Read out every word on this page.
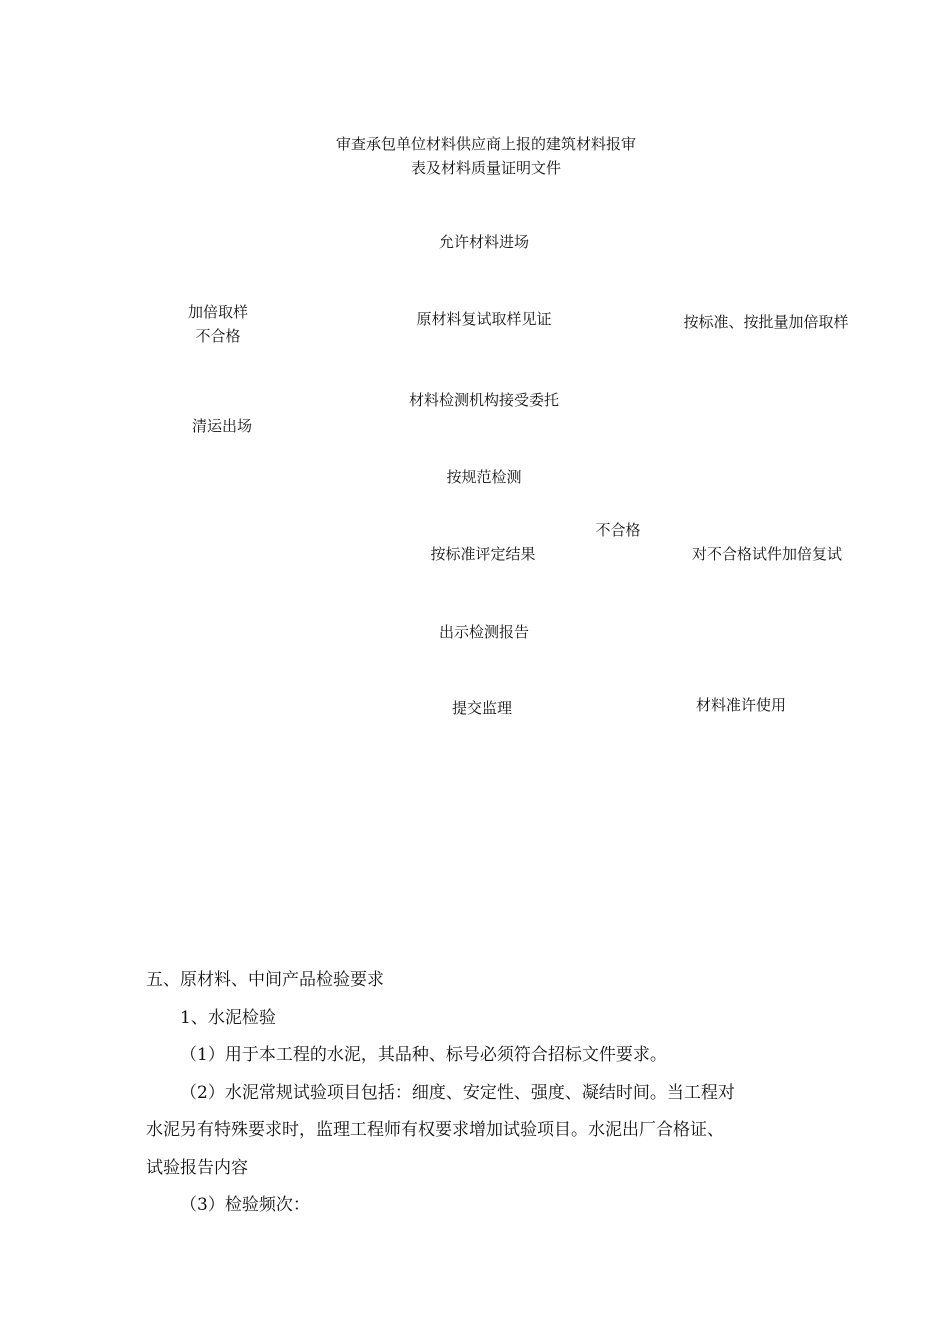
审查承包单位材料供应商上报的建筑材料报审
表及材料质量证明文件
允许材料进场
加倍取样
不合格
原材料复试取样见证	按标准、按批量加倍取样
材料检测机构接受委托
清运出场
按规范检测
不合格
按标准评定结果	对不合格试件加倍复试
出示检测报告
提交监理	材料准许使用

五、原材料、中间产品检验要求

1、水泥检验

（1）用于本工程的水泥，其品种、标号必须符合招标文件要求。

（2）水泥常规试验项目包括：细度、安定性、强度、凝结时间。当工程对

水泥另有特殊要求时，监理工程师有权要求增加试验项目。水泥出厂合格证、

试验报告内容

（3）检验频次：
